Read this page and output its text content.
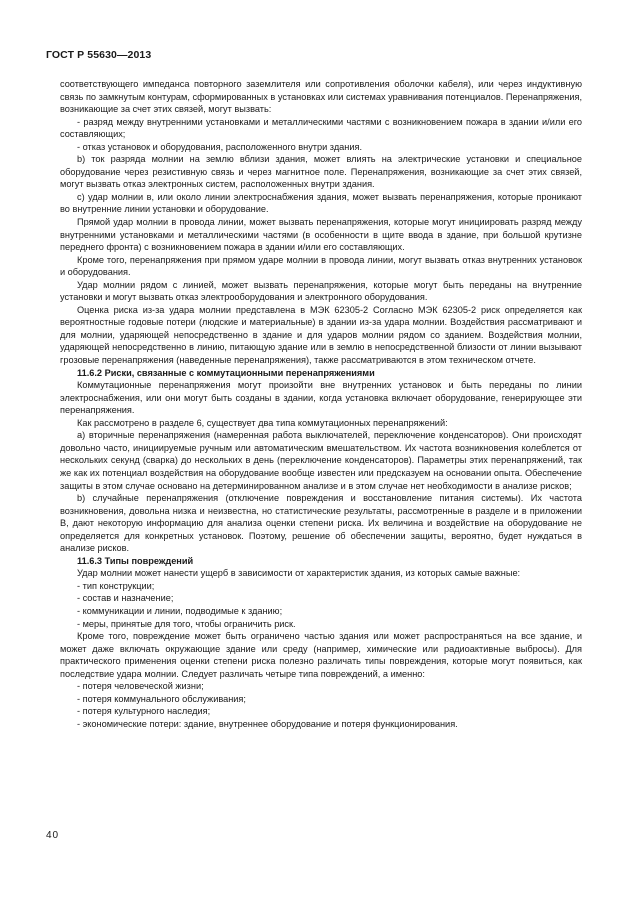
ГОСТ Р 55630—2013

соответствующего импеданса повторного заземлителя или сопротивления оболочки кабеля), или через индуктивную связь по замкнутым контурам, сформированных в установках или системах уравнивания потенциалов. Перенапряжения, возникающие за счет этих связей, могут вызвать:

- разряд между внутренними установками и металлическими частями с возникновением пожара в здании и/или его составляющих;

- отказ установок и оборудования, расположенного внутри здания.

b) ток разряда молнии на землю вблизи здания, может влиять на электрические установки и специальное оборудование через резистивную связь и через магнитное поле. Перенапряжения, возникающие за счет этих связей, могут вызвать отказ электронных систем, расположенных внутри здания.

с) удар молнии в, или около линии электроснабжения здания, может вызвать перенапряжения, которые проникают во внутренние линии установки и оборудование.

Прямой удар молнии в провода линии, может вызвать перенапряжения, которые могут инициировать разряд между внутренними установками и металлическими частями (в особенности в щите ввода в здание, при большой крутизне переднего фронта) с возникновением пожара в здании и/или его составляющих.

Кроме того, перенапряжения при прямом ударе молнии в провода линии, могут вызвать отказ внутренних установок и оборудования.

Удар молнии рядом с линией, может вызвать перенапряжения, которые могут быть переданы на внутренние установки и могут вызвать отказ электрооборудования и электронного оборудования.

Оценка риска из-за удара молнии представлена в МЭК 62305-2 Согласно МЭК 62305-2 риск определяется как вероятностные годовые потери (людские и материальные) в здании из-за удара молнии. Воздействия рассматривают и для молнии, ударяющей непосредственно в здание и для ударов молнии рядом со зданием. Воздействия молнии, ударяющей непосредственно в линию, питающую здание или в землю в непосредственной близости от линии вызывают грозовые перенапряжения (наведенные перенапряжения), также рассматриваются в этом техническом отчете.

11.6.2 Риски, связанные с коммутационными перенапряжениями

Коммутационные перенапряжения могут произойти вне внутренних установок и быть переданы по линии электроснабжения, или они могут быть созданы в здании, когда установка включает оборудование, генерирующее эти перенапряжения.

Как рассмотрено в разделе 6, существует два типа коммутационных перенапряжений:

а) вторичные перенапряжения (намеренная работа выключателей, переключение конденсаторов). Они происходят довольно часто, инициируемые ручным или автоматическим вмешательством. Их частота возникновения колеблется от нескольких секунд (сварка) до нескольких в день (переключение конденсаторов). Параметры этих перенапряжений, так же как их потенциал воздействия на оборудование вообще известен или предсказуем на основании опыта. Обеспечение защиты в этом случае основано на детерминированном анализе и в этом случае нет необходимости в анализе рисков;

b) случайные перенапряжения (отключение повреждения и восстановление питания системы). Их частота возникновения, довольна низка и неизвестна, но статистические результаты, рассмотренные в разделе и в приложении В, дают некоторую информацию для анализа оценки степени риска. Их величина и воздействие на оборудование не определяется для конкретных установок. Поэтому, решение об обеспечении защиты, вероятно, будет нуждаться в анализе рисков.

11.6.3 Типы повреждений

Удар молнии может нанести ущерб в зависимости от характеристик здания, из которых самые важные:

- тип конструкции;

- состав и назначение;

- коммуникации и линии, подводимые к зданию;

- меры, принятые для того, чтобы ограничить риск.

Кроме того, повреждение может быть ограничено частью здания или может распространяться на все здание, и может даже включать окружающие здание или среду (например, химические или радиоактивные выбросы). Для практического применения оценки степени риска полезно различать типы повреждения, которые могут появиться, как последствие удара молнии. Следует различать четыре типа повреждений, а именно:

- потеря человеческой жизни;

- потеря коммунального обслуживания;

- потеря культурного наследия;

- экономические потери: здание, внутреннее оборудование и потеря функционирования.

40
